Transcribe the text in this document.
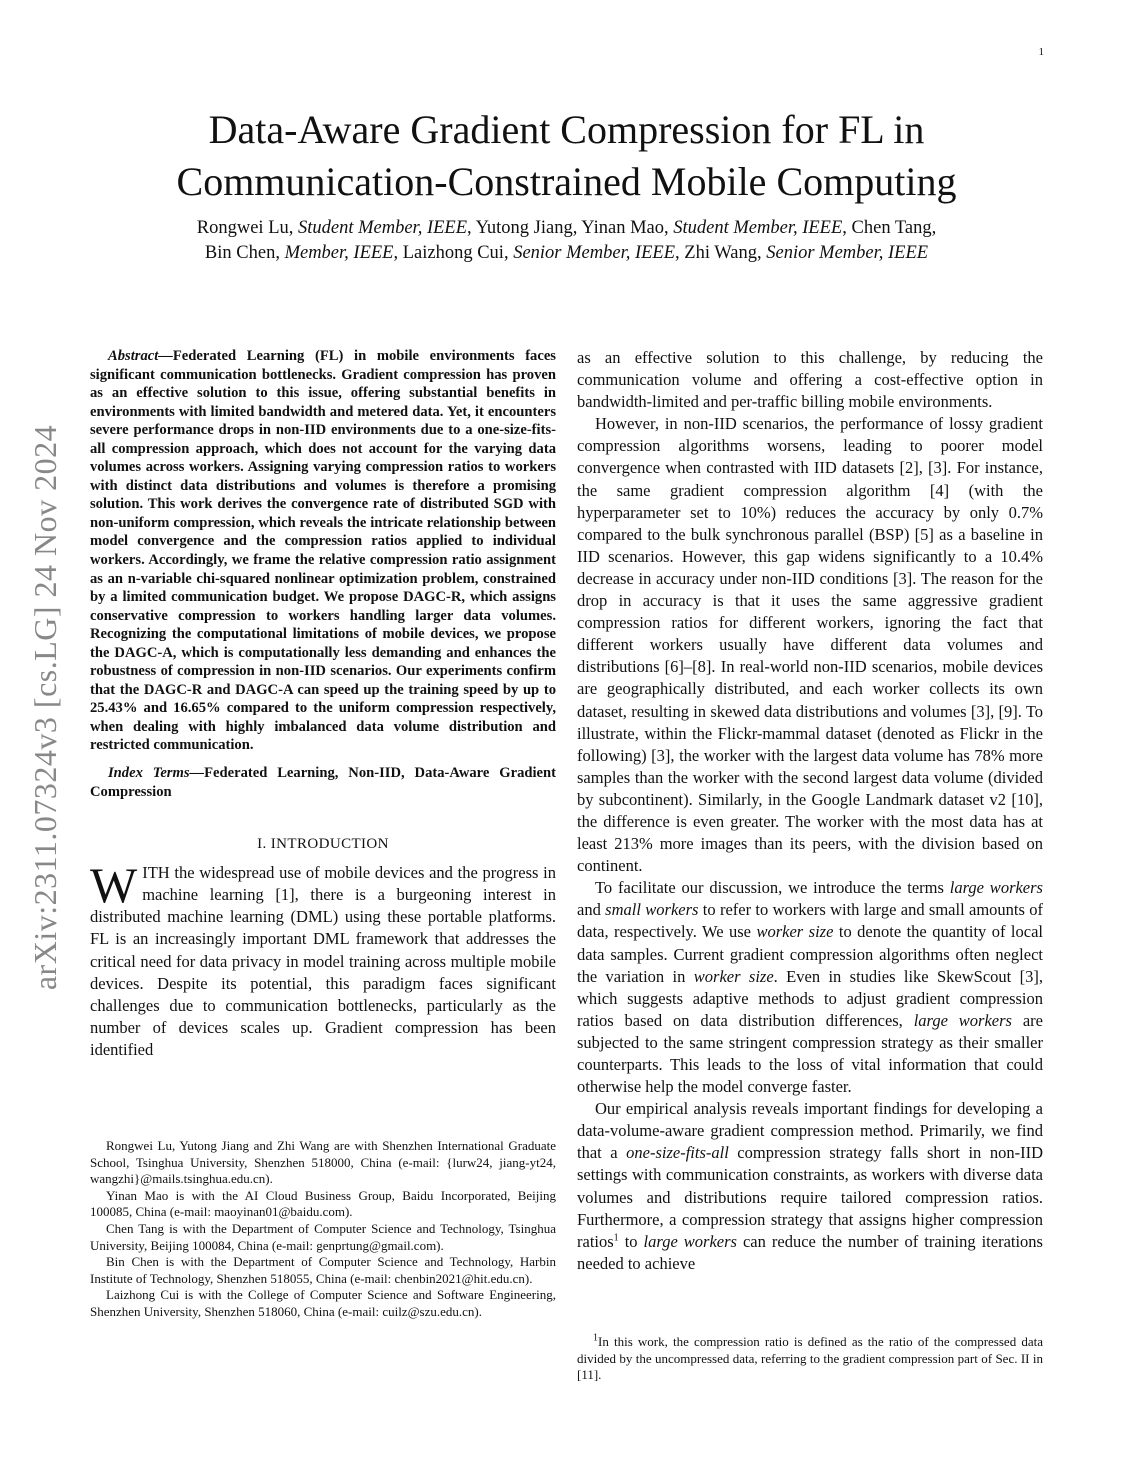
1
arXiv:2311.07324v3 [cs.LG] 24 Nov 2024
Data-Aware Gradient Compression for FL in Communication-Constrained Mobile Computing
Rongwei Lu, Student Member, IEEE, Yutong Jiang, Yinan Mao, Student Member, IEEE, Chen Tang,
Bin Chen, Member, IEEE, Laizhong Cui, Senior Member, IEEE, Zhi Wang, Senior Member, IEEE

Abstract—Federated Learning (FL) in mobile environments faces significant communication bottlenecks. Gradient compression has proven as an effective solution to this issue, offering substantial benefits in environments with limited bandwidth and metered data. Yet, it encounters severe performance drops in non-IID environments due to a one-size-fits-all compression approach, which does not account for the varying data volumes across workers. Assigning varying compression ratios to workers with distinct data distributions and volumes is therefore a promising solution. This work derives the convergence rate of distributed SGD with non-uniform compression, which reveals the intricate relationship between model convergence and the compression ratios applied to individual workers. Accordingly, we frame the relative compression ratio assignment as an n-variable chi-squared nonlinear optimization problem, constrained by a limited communication budget. We propose DAGC-R, which assigns conservative compression to workers handling larger data volumes. Recognizing the computational limitations of mobile devices, we propose the DAGC-A, which is computationally less demanding and enhances the robustness of compression in non-IID scenarios. Our experiments confirm that the DAGC-R and DAGC-A can speed up the training speed by up to 25.43% and 16.65% compared to the uniform compression respectively, when dealing with highly imbalanced data volume distribution and restricted communication.

Index Terms—Federated Learning, Non-IID, Data-Aware Gradient Compression

I. INTRODUCTION

WITH the widespread use of mobile devices and the progress in machine learning [1], there is a burgeoning interest in distributed machine learning (DML) using these portable platforms. FL is an increasingly important DML framework that addresses the critical need for data privacy in model training across multiple mobile devices. Despite its potential, this paradigm faces significant challenges due to communication bottlenecks, particularly as the number of devices scales up. Gradient compression has been identified

Rongwei Lu, Yutong Jiang and Zhi Wang are with Shenzhen International Graduate School, Tsinghua University, Shenzhen 518000, China (e-mail: {lurw24, jiang-yt24, wangzhi}@mails.tsinghua.edu.cn).

Yinan Mao is with the AI Cloud Business Group, Baidu Incorporated, Beijing 100085, China (e-mail: maoyinan01@baidu.com).

Chen Tang is with the Department of Computer Science and Technology, Tsinghua University, Beijing 100084, China (e-mail: genprtung@gmail.com).

Bin Chen is with the Department of Computer Science and Technology, Harbin Institute of Technology, Shenzhen 518055, China (e-mail: chenbin2021@hit.edu.cn).

Laizhong Cui is with the College of Computer Science and Software Engineering, Shenzhen University, Shenzhen 518060, China (e-mail: cuilz@szu.edu.cn).

as an effective solution to this challenge, by reducing the communication volume and offering a cost-effective option in bandwidth-limited and per-traffic billing mobile environments.

However, in non-IID scenarios, the performance of lossy gradient compression algorithms worsens, leading to poorer model convergence when contrasted with IID datasets [2], [3]. For instance, the same gradient compression algorithm [4] (with the hyperparameter set to 10%) reduces the accuracy by only 0.7% compared to the bulk synchronous parallel (BSP) [5] as a baseline in IID scenarios. However, this gap widens significantly to a 10.4% decrease in accuracy under non-IID conditions [3]. The reason for the drop in accuracy is that it uses the same aggressive gradient compression ratios for different workers, ignoring the fact that different workers usually have different data volumes and distributions [6]–[8]. In real-world non-IID scenarios, mobile devices are geographically distributed, and each worker collects its own dataset, resulting in skewed data distributions and volumes [3], [9]. To illustrate, within the Flickr-mammal dataset (denoted as Flickr in the following) [3], the worker with the largest data volume has 78% more samples than the worker with the second largest data volume (divided by subcontinent). Similarly, in the Google Landmark dataset v2 [10], the difference is even greater. The worker with the most data has at least 213% more images than its peers, with the division based on continent.

To facilitate our discussion, we introduce the terms large workers and small workers to refer to workers with large and small amounts of data, respectively. We use worker size to denote the quantity of local data samples. Current gradient compression algorithms often neglect the variation in worker size. Even in studies like SkewScout [3], which suggests adaptive methods to adjust gradient compression ratios based on data distribution differences, large workers are subjected to the same stringent compression strategy as their smaller counterparts. This leads to the loss of vital information that could otherwise help the model converge faster.

Our empirical analysis reveals important findings for developing a data-volume-aware gradient compression method. Primarily, we find that a one-size-fits-all compression strategy falls short in non-IID settings with communication constraints, as workers with diverse data volumes and distributions require tailored compression ratios. Furthermore, a compression strategy that assigns higher compression ratios$^1$ to large workers can reduce the number of training iterations needed to achieve

$^1$In this work, the compression ratio is defined as the ratio of the compressed data divided by the uncompressed data, referring to the gradient compression part of Sec. II in [11].
